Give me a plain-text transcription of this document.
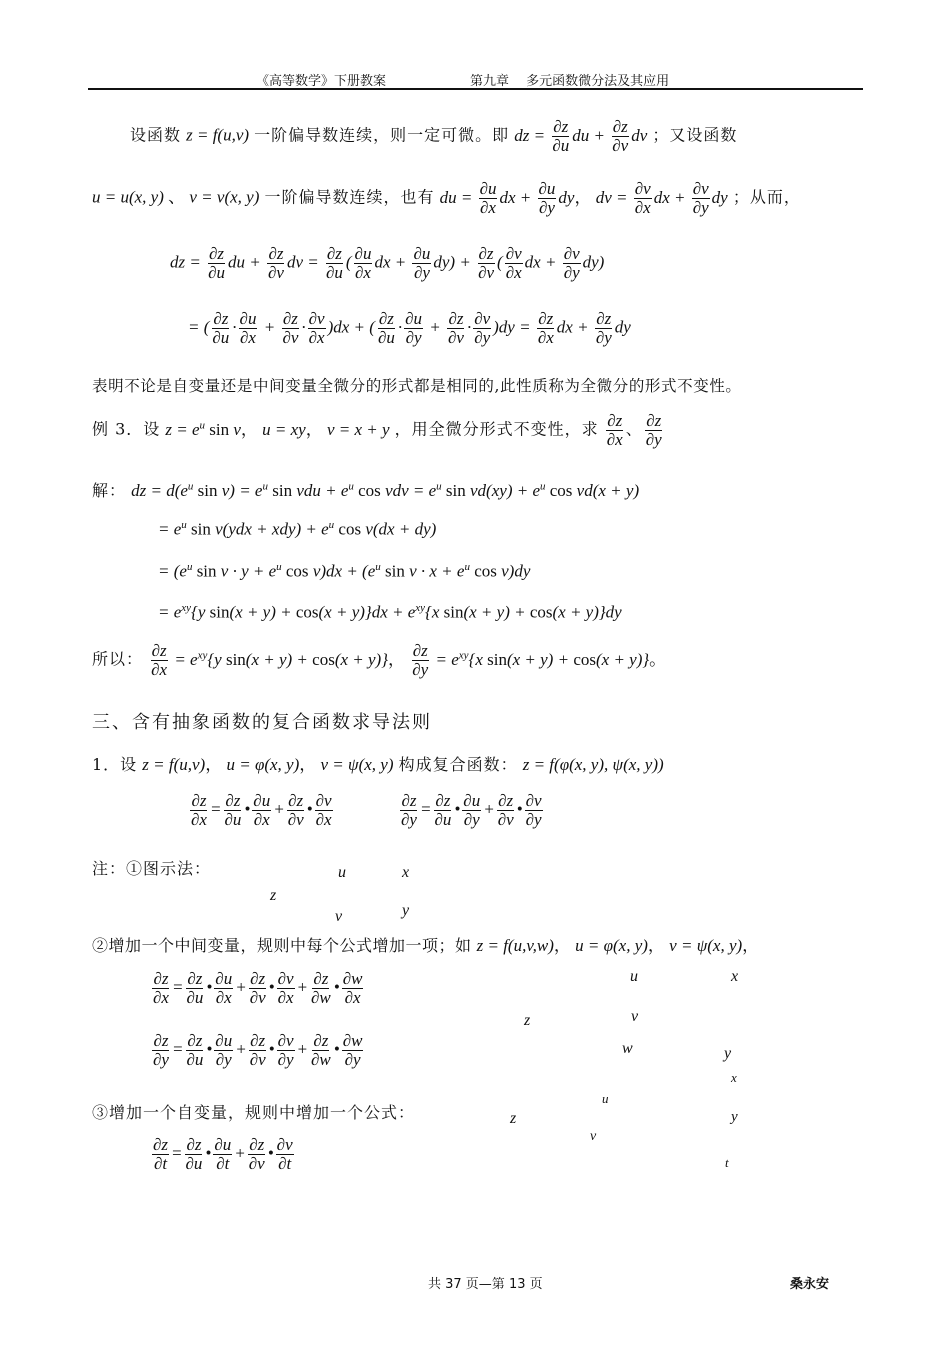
《高等数学》下册教案	第九章　 多元函数微分法及其应用
设函数 z = f(u,v) 一阶偏导数连续，则一定可微。即 dz = $\frac{\partial z}{\partial u}$ du + $\frac{\partial z}{\partial v}$ dv ；又设函数
u = u(x, y) 、 v = v(x, y) 一阶偏导数连续，也有 du = $\frac{\partial u}{\partial x}$ dx + $\frac{\partial u}{\partial y}$ dy， dv = $\frac{\partial v}{\partial x}$ dx + $\frac{\partial v}{\partial y}$ dy ；从而，
dz = $\frac{\partial z}{\partial u}$ du + $\frac{\partial z}{\partial v}$ dv = $\frac{\partial z}{\partial u}$ ( $\frac{\partial u}{\partial x}$ dx + $\frac{\partial u}{\partial y} dy) + \frac{\partial z}{\partial v}$ ( $\frac{\partial v}{\partial x}$ dx + $\frac{\partial v}{\partial y} dy$)
= ( $\frac{\partial z}{\partial u} \cdot \frac{\partial u}{\partial x} + \frac{\partial z}{\partial v} \cdot \frac{\partial v}{\partial x} )dx$ + ( $\frac{\partial z}{\partial u} \cdot \frac{\partial u}{\partial y} + \frac{\partial z}{\partial v} \cdot \frac{\partial v}{\partial y} )dy = \frac{\partial z}{\partial x}$ dx + $\frac{\partial z}{\partial y}$ dy
表明不论是自变量还是中间变量全微分的形式都是相同的,此性质称为全微分的形式不变性。
例 3．设 $z = e^u$ sin v， u = xy， v = x + y ，用全微分形式不变性，求 $\frac{\partial z}{\partial x}$ 、 $\frac{\partial z}{\partial y}$
解： dz = $d(e^u$ $\sin v) = e^u$ sin vdu + $e^u$ cos vdv = $e^u$ $\sin vd(xy) + e^u$ cos vd(x + y)
= $e^u$ $\sin v(ydx + xdy) + e^u$ cos v(dx + dy)
= ($e^u$ $\sin v \cdot y + e^u$ $\cos v)dx + (e^u$ $\sin v \cdot x + e^u$ cos v)dy
= $e^{xy}\{y$ $\sin(x + y) + \cos(x + y)\}dx + e^{xy}\{x$ sin(x + y) + cos(x + y)}dy
所以： $\frac{\partial z}{\partial x} = e^{xy}\{y$ sin(x + y) + cos(x + y)}， $\frac{\partial z}{\partial y} = e^{xy}\{x$ sin(x + y) + cos(x + y)}。
三、含有抽象函数的复合函数求导法则
1．设 z = f(u,v)， u = φ(x, y)， v = ψ(x, y) 构成复合函数： z = f(φ(x, y), ψ(x, y))
$\frac{\partial z}{\partial x} = \frac{\partial z}{\partial u}$ • $\frac{\partial u}{\partial x} + \frac{\partial z}{\partial v}$ • $\frac{\partial v}{\partial x}$	$\frac{\partial z}{\partial y} = \frac{\partial z}{\partial u}$ • $\frac{\partial u}{\partial y} + \frac{\partial z}{\partial v}$ • $\frac{\partial v}{\partial y}$
注：①图示法：
z
u
v
x
y
②增加一个中间变量，规则中每个公式增加一项；如 z = f(u,v,w)， u = φ(x, y)， v = ψ(x, y)，
$\frac{\partial z}{\partial x} = \frac{\partial z}{\partial u}$ • $\frac{\partial u}{\partial x} + \frac{\partial z}{\partial v}$ • $\frac{\partial v}{\partial x} + \frac{\partial z}{\partial w}$ • $\frac{\partial w}{\partial x}$
$\frac{\partial z}{\partial y} = \frac{\partial z}{\partial u}$ • $\frac{\partial u}{\partial y} + \frac{\partial z}{\partial v}$ • $\frac{\partial v}{\partial y} + \frac{\partial z}{\partial w}$ • $\frac{\partial w}{\partial y}$
z
u
v
w
x
y
③增加一个自变量，规则中增加一个公式：
$\frac{\partial z}{\partial t} = \frac{\partial z}{\partial u}$ • $\frac{\partial u}{\partial t} + \frac{\partial z}{\partial v}$ • $\frac{\partial v}{\partial t}$
z
u
v
x
y
t
共 37 页—第 13 页	桑永安
